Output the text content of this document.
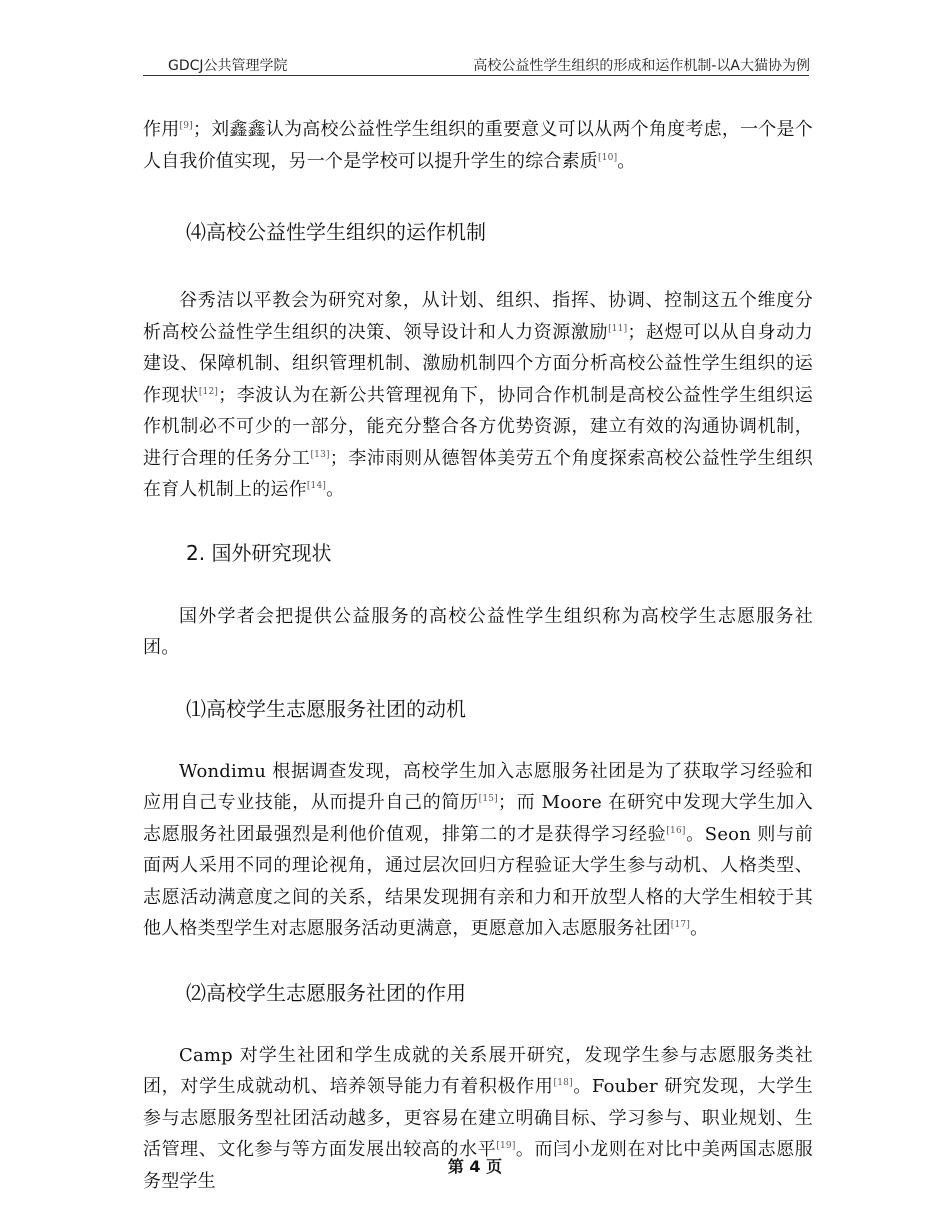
GDCJ公共管理学院	高校公益性学生组织的形成和运作机制-以A大猫协为例

作用[9]；刘鑫鑫认为高校公益性学生组织的重要意义可以从两个角度考虑，一个是个人自我价值实现，另一个是学校可以提升学生的综合素质[10]。

⑷高校公益性学生组织的运作机制

谷秀洁以平教会为研究对象，从计划、组织、指挥、协调、控制这五个维度分析高校公益性学生组织的决策、领导设计和人力资源激励[11]；赵煜可以从自身动力建设、保障机制、组织管理机制、激励机制四个方面分析高校公益性学生组织的运作现状[12]；李波认为在新公共管理视角下，协同合作机制是高校公益性学生组织运作机制必不可少的一部分，能充分整合各方优势资源，建立有效的沟通协调机制，进行合理的任务分工[13]；李沛雨则从德智体美劳五个角度探索高校公益性学生组织在育人机制上的运作[14]。

2. 国外研究现状

国外学者会把提供公益服务的高校公益性学生组织称为高校学生志愿服务社团。

⑴高校学生志愿服务社团的动机

Wondimu 根据调查发现，高校学生加入志愿服务社团是为了获取学习经验和应用自己专业技能，从而提升自己的简历[15]；而 Moore 在研究中发现大学生加入志愿服务社团最强烈是利他价值观，排第二的才是获得学习经验[16]。Seon 则与前面两人采用不同的理论视角，通过层次回归方程验证大学生参与动机、人格类型、志愿活动满意度之间的关系，结果发现拥有亲和力和开放型人格的大学生相较于其他人格类型学生对志愿服务活动更满意，更愿意加入志愿服务社团[17]。

⑵高校学生志愿服务社团的作用

Camp 对学生社团和学生成就的关系展开研究，发现学生参与志愿服务类社团，对学生成就动机、培养领导能力有着积极作用[18]。Fouber 研究发现，大学生参与志愿服务型社团活动越多，更容易在建立明确目标、学习参与、职业规划、生活管理、文化参与等方面发展出较高的水平[19]。而闫小龙则在对比中美两国志愿服务型学生

第 4 页
